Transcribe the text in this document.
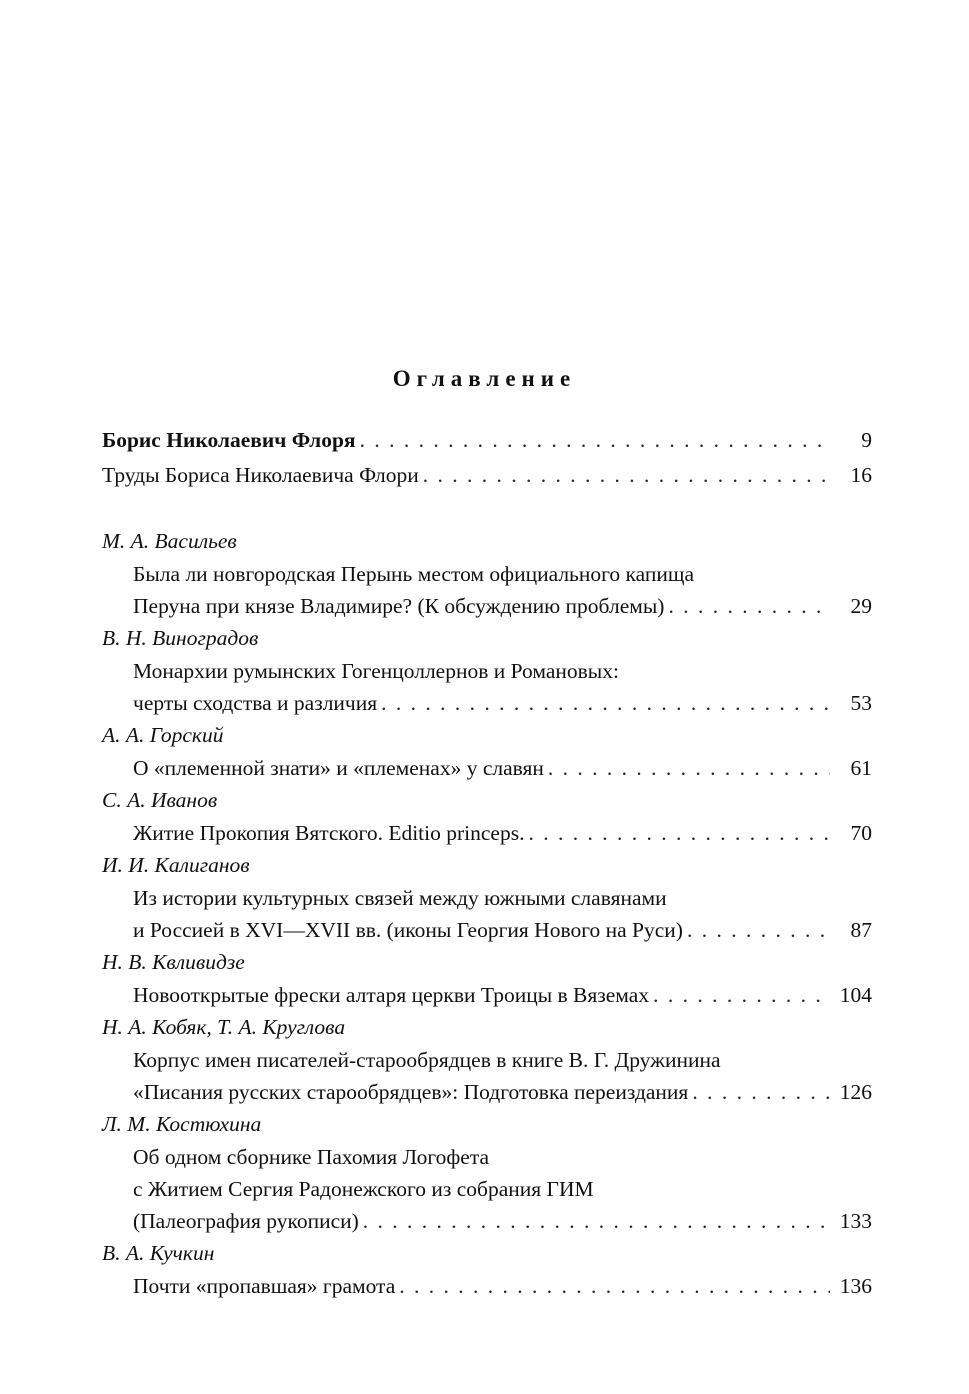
Оглавление
Борис Николаевич Флоря . . .	9
Труды Бориса Николаевича Флори . . .	16
М. А. Васильев
Была ли новгородская Перынь местом официального капища
Перуна при князе Владимире? (К обсуждению проблемы) . . .	29
В. Н. Виноградов
Монархии румынских Гогенцоллернов и Романовых:
черты сходства и различия . . .	53
А. А. Горский
О «племенной знати» и «племенах» у славян . . .	61
С. А. Иванов
Житие Прокопия Вятского. Editio princeps. . . .	70
И. И. Калиганов
Из истории культурных связей между южными славянами
и Россией в XVI—XVII вв. (иконы Георгия Нового на Руси) . . .	87
Н. В. Квливидзе
Новооткрытые фрески алтаря церкви Троицы в Вяземах . . .	104
Н. А. Кобяк, Т. А. Круглова
Корпус имен писателей-старообрядцев в книге В. Г. Дружинина
«Писания русских старообрядцев»: Подготовка переиздания . . .	126
Л. М. Костюхина
Об одном сборнике Пахомия Логофета
с Житием Сергия Радонежского из собрания ГИМ
(Палеография рукописи) . . .	133
В. А. Кучкин
Почти «пропавшая» грамота . . .	136
